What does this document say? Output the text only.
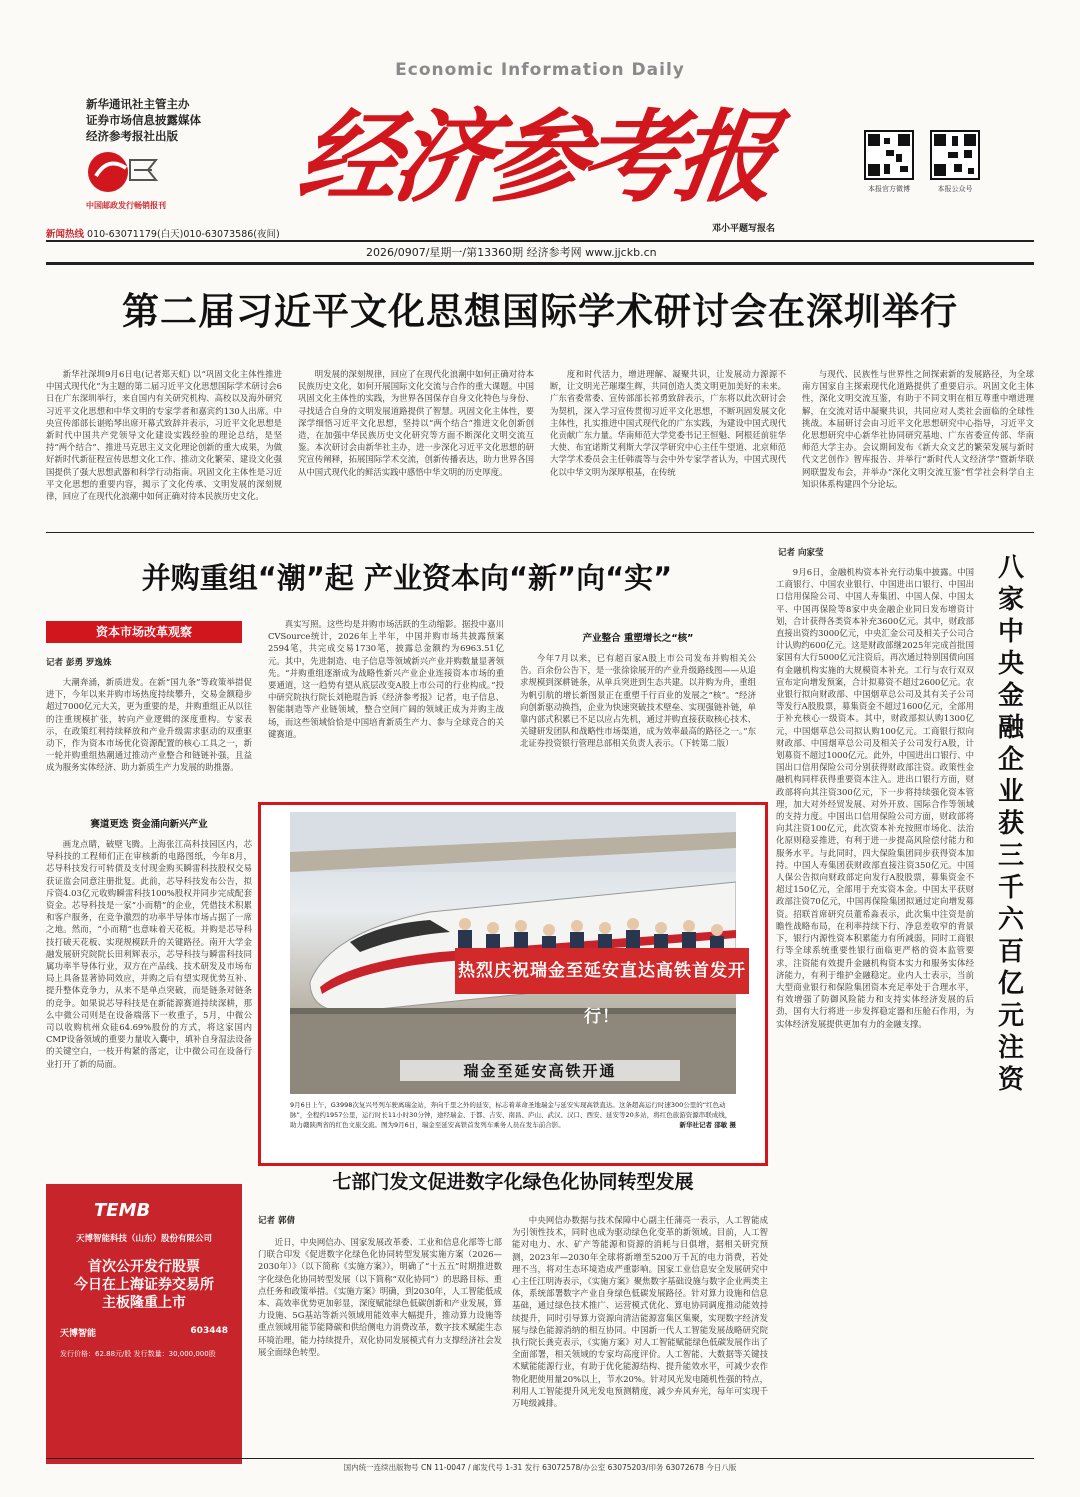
Economic Information Daily
新华通讯社主管主办
证券市场信息披露媒体
经济参考报社出版
中国邮政发行畅销报刊	经济参考报	本报官方微博	本报公众号
邓小平题写报名
新闻热线 010-63071179(白天)010-63073586(夜间)
2026/0907/星期一/第13360期 经济参考网 www.jjckb.cn
第二届习近平文化思想国际学术研讨会在深圳举行

新华社深圳9月6日电(记者郑天虹) 以“巩固文化主体性推进中国式现代化”为主题的第二届习近平文化思想国际学术研讨会6日在广东深圳举行，来自国内有关研究机构、高校以及海外研究习近平文化思想和中华文明的专家学者和嘉宾约130人出席。中央宣传部部长谌贻琴出席开幕式致辞并表示，习近平文化思想是新时代中国共产党领导文化建设实践经验的理论总结，是坚持“两个结合”、推进马克思主义文化理论创新的重大成果，为做好新时代新征程宣传思想文化工作、推动文化繁荣、建设文化强国提供了强大思想武器和科学行动指南。巩固文化主体性是习近平文化思想的重要内容，揭示了文化传承、文明发展的深刻规律，回应了在现代化浪潮中如何正确对待本民族历史文化。

明发展的深刻规律，回应了在现代化浪潮中如何正确对待本民族历史文化，如何开展国际文化交流与合作的重大课题。中国巩固文化主体性的实践，为世界各国保存自身文化特色与身份、寻找适合自身的文明发展道路提供了智慧。巩固文化主体性，要深学细悟习近平文化思想，坚持以“两个结合”推进文化创新创造，在加强中华民族历史文化研究等方面不断深化文明交流互鉴。本次研讨会由新华社主办，进一步深化习近平文化思想的研究宣传阐释，拓展国际学术交流，创新传播表达，助力世界各国从中国式现代化的鲜活实践中感悟中华文明的历史厚度。

度和时代活力，增进理解、凝聚共识，让发展动力源源不断，让文明光芒璀璨生辉，共同创造人类文明更加美好的未来。广东省委常委、宣传部部长祁勇致辞表示，广东将以此次研讨会为契机，深入学习宣传贯彻习近平文化思想，不断巩固发展文化主体性，扎实推进中国式现代化的广东实践，为建设中国式现代化贡献广东力量。华南师范大学党委书记王恒魁、阿根廷前驻华大使、布宜诺斯艾利斯大学汉学研究中心主任牛望道、北京师范大学学术委员会主任韩震等与会中外专家学者认为，中国式现代化以中华文明为深厚根基，在传统

与现代、民族性与世界性之间探索新的发展路径，为全球南方国家自主探索现代化道路提供了重要启示。巩固文化主体性，深化文明交流互鉴，有助于不同文明在相互尊重中增进理解，在交流对话中凝聚共识，共同应对人类社会面临的全球性挑战。本届研讨会由习近平文化思想研究中心指导，习近平文化思想研究中心新华社协同研究基地、广东省委宣传部、华南师范大学主办。会议期间发布《新大众文艺的繁荣发展与新时代文艺创作》智库报告、并举行“新时代人文经济学”暨新华联网联盟发布会，并举办“深化文明交流互鉴”哲学社会科学自主知识体系构建四个分论坛。

并购重组“潮”起 产业资本向“新”向“实”
资本市场改革观察
记者 彭勇 罗逸姝

大潮奔涌，新质进发。在新“国九条”等政策举措促进下，今年以来并购市场热度持续攀升，交易金额稳步超过7000亿元大关，更为重要的是，并购重组正从以往的注重规模扩张，转向产业逻辑的深度重构。专家表示，在政策红利持续释放和产业升级需求驱动的双重驱动下，作为资本市场优化资源配置的核心工具之一，新一轮并购重组热潮通过推动产业整合和链链补强，且益成为服务实体经济、助力新质生产力发展的助推器。

赛道更迭 资金涌向新兴产业

画龙点睛，破壁飞腾。上海张江高科技园区内，芯导科技的工程师们正在审核新的电路图纸，今年8月，芯导科技发行可转债及支付现金购买瞬雷科技股权交易获证监会同意注册批复。此前，芯导科技发布公告，拟斥资4.03亿元收购瞬雷科技100%股权并同步完成配套资金。芯导科技是一家“小而精”的企业，凭借技术积累和客户服务，在竞争激烈的功率半导体市场占据了一席之地。然而，“小而精”也意味着天花板。并购是芯导科技打破天花板、实现规模跃升的关键路径。南开大学金融发展研究院院长田利辉表示，芯导科技与瞬雷科技同属功率半导体行业，双方在产品线、技术研发及市场布局上具备显著协同效应，并购之后有望实现优势互补、提升整体竞争力，从来不是单点突破，而是链条对链条的竞争。如果说芯导科技是在新能源赛道持续深耕，那么中微公司则是在设备端落下一枚重子，5月，中微公司以收购杭州众硅64.69%股份的方式，将这家国内CMP设备领域的重要力量收入囊中，填补自身湿法设备的关键空白，一枝开构紧的落定，让中微公司在设备行业打开了新的局面。

真实写照。这些均是并购市场活跃的生动缩影。据投中嘉川CVSource统计，2026年上半年，中国并购市场共披露预案2594笔，共完成交易1730笔，披露总金额约为6963.51亿元。其中，先进制造、电子信息等领域新兴产业并购数量显著领先。“并购重组逐渐成为战略性新兴产业企业连接资本市场的重要通道，这一趋势有望从底层改变A股上市公司的行业构成。”投中研究院执行院长刘艳琨告诉《经济参考报》记者，电子信息、智能制造等产业链领域，整合空间广阔的领域正成为并购主战场，而这些领域恰恰是中国培育新质生产力、参与全球竞合的关键赛道。

产业整合 重塑增长之“核”

今年7月以来，已有超百家A股上市公司发布并购相关公告。百余份公告下，是一张徐徐展开的产业升级路线图——从追求规模到深耕链条，从单兵突进到生态共建。以并购为舟，重组为帆引航的增长新图景正在重塑千行百业的发展之“核”。“经济向创新驱动换挡，企业为快速突破技术壁垒、实现强链补链，单靠内部式积累已不足以应占先机，通过并购直接获取核心技术、关键研发团队和战略性市场渠道，成为效率最高的路径之一。”东北证券投资银行管理总部相关负责人表示。（下转第二版）

热烈庆祝瑞金至延安直达高铁首发开行！
瑞金至延安高铁开通
9月6日上午，G3998次复兴号列车驶离瑞金站，奔向千里之外的延安，标志着革命圣地瑞金与延安实现高铁直达。这条超高运行时速300公里的“红色动脉”，全程约1957公里，运行时长11小时30分钟，途经瑞金、于都、吉安、南昌、庐山、武汉、汉口、西安、延安等20多站，将红色旅游资源串联成线，助力赣陕两省的红色文旅交流。图为9月6日，瑞金至延安高铁首发列车乘务人员在发车前合影。	新华社记者 邵敏 摄
记者 向家莹

9月6日，金融机构资本补充行动集中披露。中国工商银行、中国农业银行、中国进出口银行、中国出口信用保险公司、中国人寿集团、中国人保、中国太平、中国再保险等8家中央金融企业同日发布增资计划，合计获得各类资本补充3600亿元。其中，财政部直接出资约3000亿元，中央汇金公司及相关子公司合计认购约600亿元。这是财政部继2025年完成首批国家国有大行5000亿元注资后，再次通过特别国债向国有金融机构实施的大规模资本补充。工行与农行双双宣布定向增发预案，合计拟募资不超过2600亿元。农业银行拟向财政部、中国烟草总公司及其有关子公司等发行A股股票，募集资金不超过1600亿元，全部用于补充核心一级资本。其中，财政部拟认购1300亿元，中国烟草总公司拟认购100亿元。工商银行拟向财政部、中国烟草总公司及相关子公司发行A股，计划募资不超过1000亿元。此外，中国进出口银行、中国出口信用保险公司分别获得财政部注资。政策性金融机构同样获得重要资本注入。进出口银行方面，财政部将向其注资300亿元，下一步将持续强化资本管理，加大对外经贸发展、对外开放、国际合作等领域的支持力度。中国出口信用保险公司方面，财政部将向其注资100亿元，此次资本补充按照市场化、法治化原则稳妥推进，有利于进一步提高风险偿付能力和服务水平。与此同时，四大保险集团同步获得资本加持。中国人寿集团获财政部直接注资350亿元。中国人保公告拟向财政部定向发行A股股票，募集资金不超过150亿元，全部用于充实资本金。中国太平获财政部注资70亿元，中国再保险集团拟通过定向增发募资。招联首席研究员董希淼表示，此次集中注资是前瞻性战略布局，在利率持续下行、净息差收窄的背景下，银行内源性资本积累能力有所减弱，同时工商银行等全球系统重要性银行面临更严格的资本监管要求，注资能有效提升金融机构资本实力和服务实体经济能力，有利于维护金融稳定。业内人士表示，当前大型商业银行和保险集团资本充足率处于合理水平，有效增强了防御风险能力和支持实体经济发展的后劲，国有大行将进一步发挥稳定器和压舱石作用，为实体经济发展提供更加有力的金融支撑。

八家中央金融企业获三千六百亿元注资
七部门发文促进数字化绿色化协同转型发展
记者 郭倩

近日，中央网信办、国家发展改革委、工业和信息化部等七部门联合印发《促进数字化绿色化协同转型发展实施方案（2026—2030年）》（以下简称《实施方案》），明确了“十五五”时期推进数字化绿色化协同转型发展（以下简称“双化协同”）的思路目标、重点任务和政策举措。《实施方案》明确，到2030年，人工智能低成本、高效率优势更加彰显，深度赋能绿色低碳创新和产业发展，算力设施、5G基站等新兴领域用能效率大幅提升，推动算力设施等重点领域用能节能降碳和供给侧电力消费改革，数字技术赋能生态环境治理，能力持续提升，双化协同发展模式有力支撑经济社会发展全面绿色转型。

中央网信办数据与技术保障中心副主任蒲亮一表示，人工智能成为引领性技术，同时也成为驱动绿色化变革的新领域。目前，人工智能对电力、水、矿产等能源和资源的消耗与日俱增，据相关研究预测，2023年—2030年全球将新增至5200万千瓦的电力消费，若处理不当，将对生态环境造成严重影响。国家工业信息安全发展研究中心主任江明涛表示，《实施方案》聚焦数字基础设施与数字企业两类主体，系统部署数字产业自身绿色低碳发展路径。针对算力设施和信息基础，通过绿色技术推广、运营模式优化、算电协同调度推动能效持续提升，同时引导算力资源向清洁能源富集区集聚，实现数字经济发展与绿色能源消纳的相互协同。中国新一代人工智能发展战略研究院执行院长龚克表示，《实施方案》对人工智能赋能绿色低碳发展作出了全面部署，相关领域的专家均高度评价。人工智能、大数据等关键技术赋能能源行业，有助于优化能源结构、提升能效水平，可减少农作物化肥使用量20%以上，节水20%。针对风光发电随机性强的特点，利用人工智能提升风光发电预测精度，减少弃风弃光，每年可实现千万吨级减排。

TEMB
天博智能科技（山东）股份有限公司
首次公开发行股票
今日在上海证券交易所
主板隆重上市
天博智能	603448
发行价格：62.88元/股 发行数量：30,000,000股
国内统一连续出版物号 CN 11-0047 / 邮发代号 1-31 发行 63072578/办公室 63075203/印务 63072678 今日八版
